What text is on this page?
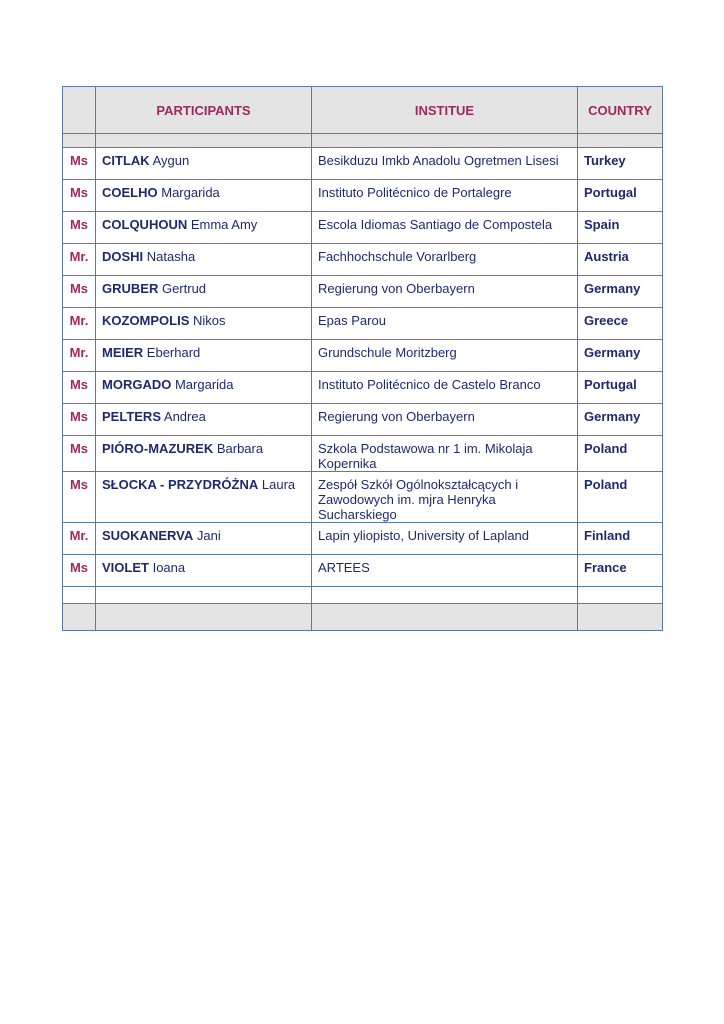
	PARTICIPANTS	INSTITUE	COUNTRY

Ms	CITLAK Aygun	Besikduzu Imkb Anadolu Ogretmen Lisesi	Turkey
Ms	COELHO Margarida	Instituto Politécnico de Portalegre	Portugal
Ms	COLQUHOUN Emma Amy	Escola Idiomas Santiago de Compostela	Spain
Mr.	DOSHI Natasha	Fachhochschule Vorarlberg	Austria
Ms	GRUBER Gertrud	Regierung von Oberbayern	Germany
Mr.	KOZOMPOLIS Nikos	Epas Parou	Greece
Mr.	MEIER Eberhard	Grundschule Moritzberg	Germany
Ms	MORGADO Margarida	Instituto Politécnico de Castelo Branco	Portugal
Ms	PELTERS Andrea	Regierung von Oberbayern	Germany
Ms	PIÓRO-MAZUREK Barbara	Szkola Podstawowa nr 1 im. Mikolaja Kopernika	Poland
Ms	SŁOCKA - PRZYDRÓŻNA Laura	Zespół Szkół Ogólnokształcących i Zawodowych im. mjra Henryka Sucharskiego	Poland
Mr.	SUOKANERVA Jani	Lapin yliopisto, University of Lapland	Finland
Ms	VIOLET Ioana	ARTEES	France
